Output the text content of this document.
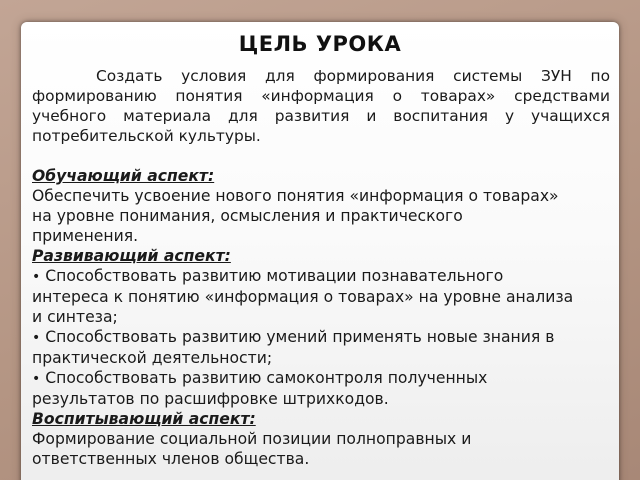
ЦЕЛЬ УРОКА

Создать условия для формирования системы ЗУН по формированию понятия «информация о товарах» средствами учебного материала для развития и воспитания у учащихся потребительской культуры.

Обучающий аспект:

Обеспечить усвоение нового понятия «информация о товарах» на уровне понимания, осмысления и практического применения.

Развивающий аспект:

• Способствовать развитию мотивации познавательного интереса к понятию «информация о товарах» на уровне анализа и синтеза;
• Способствовать развитию умений применять новые знания в практической деятельности;
• Способствовать развитию самоконтроля полученных результатов по расшифровке штрихкодов.

Воспитывающий аспект:

Формирование социальной позиции полноправных и ответственных членов общества.
